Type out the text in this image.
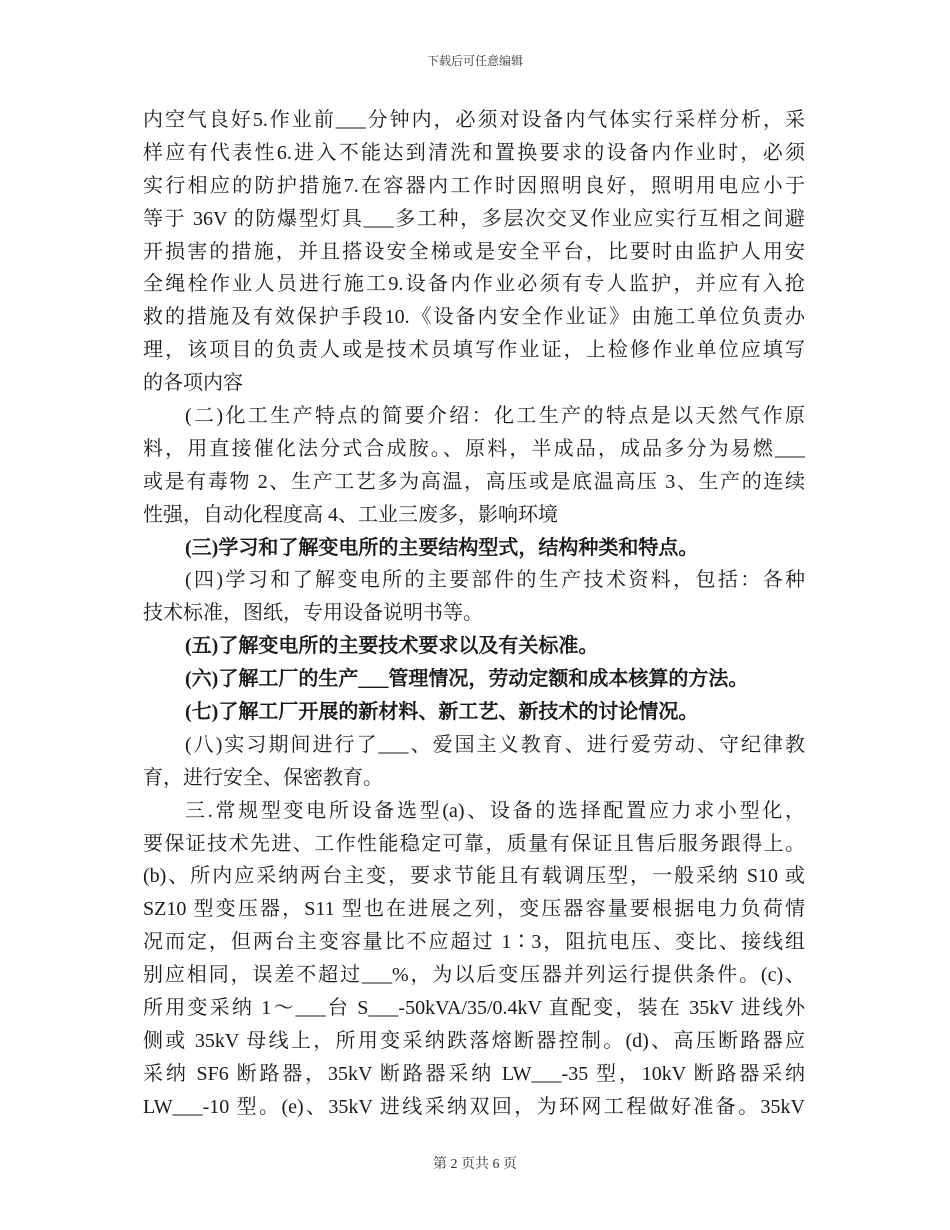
下载后可任意编辑
内空气良好5.作业前___分钟内，必须对设备内气体实行采样分析，采
样应有代表性6.进入不能达到清洗和置换要求的设备内作业时，必须
实行相应的防护措施7.在容器内工作时因照明良好，照明用电应小于
等于 36V 的防爆型灯具___多工种，多层次交叉作业应实行互相之间避
开损害的措施，并且搭设安全梯或是安全平台，比要时由监护人用安
全绳栓作业人员进行施工9.设备内作业必须有专人监护，并应有入抢
救的措施及有效保护手段10.《设备内安全作业证》由施工单位负责办
理，该项目的负责人或是技术员填写作业证，上检修作业单位应填写
的各项内容
(二)化工生产特点的简要介绍：化工生产的特点是以天然气作原
料，用直接催化法分式合成胺。、原料，半成品，成品多分为易燃___
或是有毒物 2、生产工艺多为高温，高压或是底温高压 3、生产的连续
性强，自动化程度高 4、工业三废多，影响环境
(三)学习和了解变电所的主要结构型式，结构种类和特点。
(四)学习和了解变电所的主要部件的生产技术资料，包括：各种
技术标准，图纸，专用设备说明书等。
(五)了解变电所的主要技术要求以及有关标准。
(六)了解工厂的生产___管理情况，劳动定额和成本核算的方法。
(七)了解工厂开展的新材料、新工艺、新技术的讨论情况。
(八)实习期间进行了___、爱国主义教育、进行爱劳动、守纪律教
育，进行安全、保密教育。
三.常规型变电所设备选型(a)、设备的选择配置应力求小型化，
要保证技术先进、工作性能稳定可靠，质量有保证且售后服务跟得上。
(b)、所内应采纳两台主变，要求节能且有载调压型，一般采纳 S10 或
SZ10 型变压器，S11 型也在进展之列，变压器容量要根据电力负荷情
况而定，但两台主变容量比不应超过 1∶3，阻抗电压、变比、接线组
别应相同，误差不超过___%，为以后变压器并列运行提供条件。(c)、
所用变采纳 1～___台 S___-50kVA/35/0.4kV 直配变，装在 35kV 进线外
侧或 35kV 母线上，所用变采纳跌落熔断器控制。(d)、高压断路器应
采纳 SF6 断路器，35kV 断路器采纳 LW___-35 型，10kV 断路器采纳
LW___-10 型。(e)、35kV 进线采纳双回，为环网工程做好准备。35kV
第 2 页共 6 页
